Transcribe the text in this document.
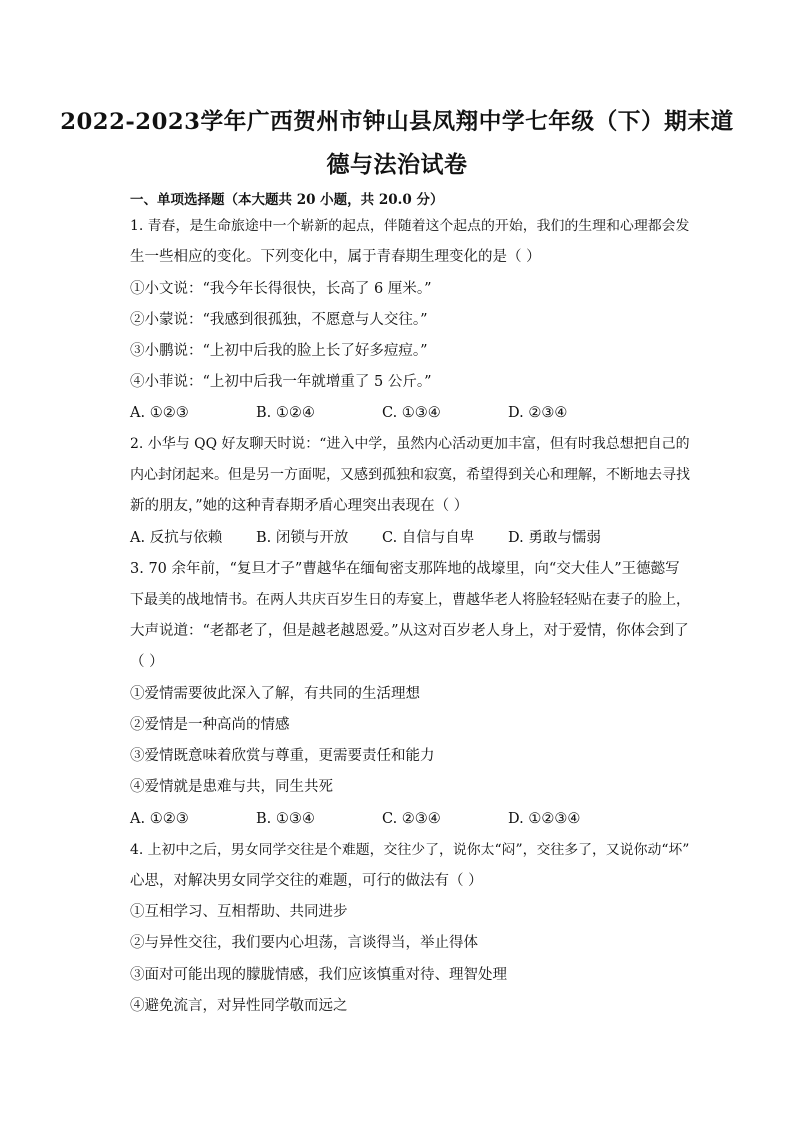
2022-2023学年广西贺州市钟山县凤翔中学七年级（下）期末道
德与法治试卷
一、单项选择题（本大题共 20 小题，共 20.0 分）
1. 青春，是生命旅途中一个崭新的起点，伴随着这个起点的开始，我们的生理和心理都会发
生一些相应的变化。下列变化中，属于青春期生理变化的是（ ）
①小文说：“我今年长得很快，长高了 6 厘米。”
②小蒙说：“我感到很孤独，不愿意与人交往。”
③小鹏说：“上初中后我的脸上长了好多痘痘。”
④小菲说：“上初中后我一年就增重了 5 公斤。”
A. ①②③	B. ①②④	C. ①③④	D. ②③④
2. 小华与 QQ 好友聊天时说：“进入中学，虽然内心活动更加丰富，但有时我总想把自己的
内心封闭起来。但是另一方面呢，又感到孤独和寂寞，希望得到关心和理解，不断地去寻找
新的朋友，”她的这种青春期矛盾心理突出表现在（ ）
A. 反抗与依赖 B. 闭锁与开放 C. 自信与自卑 D. 勇敢与懦弱
3. 70 余年前，“复旦才子”曹越华在缅甸密支那阵地的战壕里，向“交大佳人”王德懿写
下最美的战地情书。在两人共庆百岁生日的寿宴上，曹越华老人将脸轻轻贴在妻子的脸上，
大声说道：“老都老了，但是越老越恩爱。”从这对百岁老人身上，对于爱情，你体会到了
（ ）
①爱情需要彼此深入了解，有共同的生活理想
②爱情是一种高尚的情感
③爱情既意味着欣赏与尊重，更需要责任和能力
④爱情就是患难与共，同生共死
A. ①②③	B. ①③④	C. ②③④	D. ①②③④
4. 上初中之后，男女同学交往是个难题，交往少了，说你太“闷”，交往多了，又说你动“坏”
心思，对解决男女同学交往的难题，可行的做法有（ ）
①互相学习、互相帮助、共同进步
②与异性交往，我们要内心坦荡，言谈得当，举止得体
③面对可能出现的朦胧情感，我们应该慎重对待、理智处理
④避免流言，对异性同学敬而远之
